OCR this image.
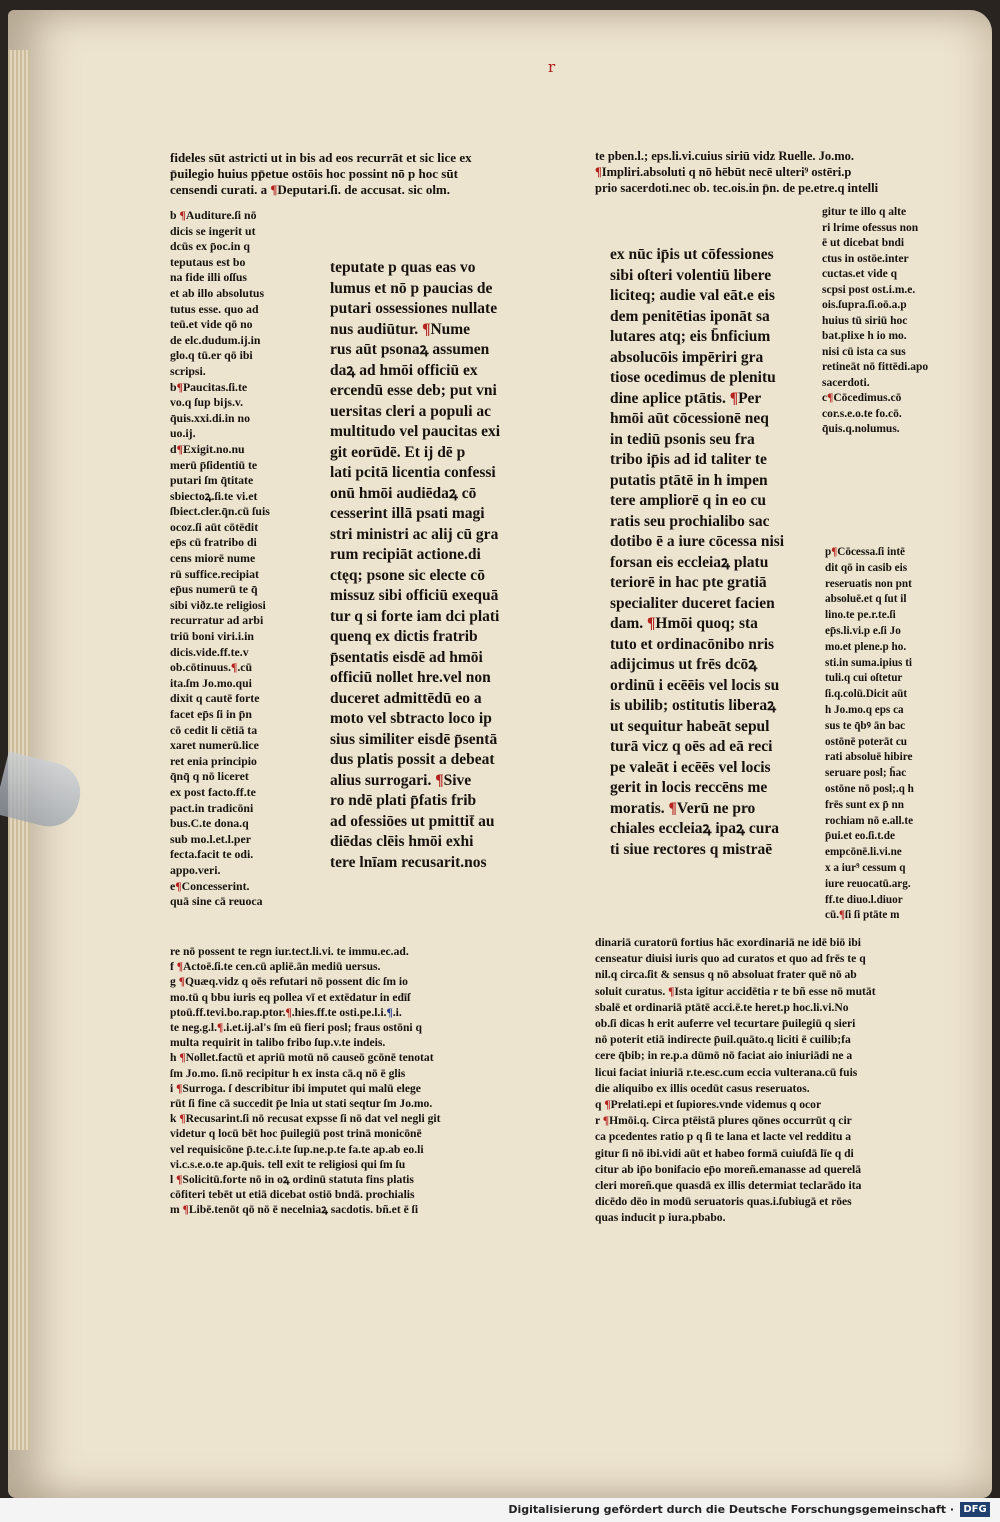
r
fideles sūt astricti ut in bis ad eos recurrāt et sic lice ex
p̄uilegio huius pp̄etue ostōis hoc possint nō p hoc sūt
censendi curati. a ¶Deputari.ſi. de accusat. sic olm.
te pben.l.; eps.li.vi.cuius siriū vidz Ruelle. Jo.mo.
¶Impliri.absoluti q nō hēbūt necē ulteri⁹ ostēri.p
prio sacerdoti.nec ob. tec.ois.in p̄n. de pe.etre.q intelli
b ¶Auditure.ſi nō
dicis se ingerit ut
dcūs ex p̄oc.in q
teputaus est bo
na fide illi oſſus
et ab illo absolutus
tutus esse. quo ad
teū.et vide qō no
de elc.dudum.ij.in
glo.q tū.er qō ibi
scripsi.
b¶Paucitas.ſi.te
vo.q ſup bijs.v.
q̄uis.xxi.di.in no
uo.ij.
d¶Exigit.no.nu
merū p̄ſidentiū te
putari ſm q̄titate
sbiectoꝝ.ſi.te vi.et
ſbiect.cler.q̄n.cū ſuis
ocoz.ſi aūt cōtēdit
ep̄s cū fratribo di
cens miorē nume
rū suffice.recipiat
ep̄us numerū te q̄
sibi viðz.te religiosi
recurratur ad arbi
triū boni viri.i.in
dicis.vide.ff.te.v
ob.cōtinuus.¶.cū
ita.ſm Jo.mo.qui
dixit q cautē forte
facet ep̄s ſi in p̄n
cō cedit li cētiā ta
xaret numerū.lice
ret enia principio
q̄nq̄ q nō liceret
ex post facto.ff.te
pact.in tradicōni
bus.C.te dona.q
sub mo.l.et.l.per
fecta.facit te odi.
appo.veri.
e¶Concesserint.
quā sine cā reuoca
teputate p quas eas vo
lumus et nō p paucias de
putari ossessiones nullate
nus audiūtur. ¶Nume
rus aūt psonaꝝ assumen
daꝝ ad hmōi officiū ex
ercendū esse deb; put vni
uersitas cleri a populi ac
multitudo vel paucitas exi
git eorūdē. Et ij dē p
lati pcitā licentia confessi
onū hmōi audiēdaꝝ cō
cesserint illā psati magi
stri ministri ac alij cū gra
rum recipiāt actione.di
ctęq; psone sic electe cō
missuz sibi officiū exequā
tur q si forte iam dci plati
quenq ex dictis fratrib
p̄sentatis eisdē ad hmōi
officiū nollet hre.vel non
duceret admittēdū eo a
moto vel sbtracto loco ip
sius similiter eisdē p̄sentā
dus platis possit a debeat
alius surrogari. ¶Sive
ro ndē plati p̄fatis frib
ad ofessiōes ut pmittit̄ au
diēdas clēis hmōi exhi
tere lnīam recusarit.nos
ex nūc ip̄is ut cōfessiones
sibi oſteri volentiū libere
liciteq; audie val eāt.e eis
dem penitētias iponāt sa
lutares atq; eis b̄nficium
absolucōis impēriri gra
tiose ocedimus de plenitu
dine aplice ptātis. ¶Per
hmōi aūt cōcessionē neq
in tediū psonis seu fra
tribo ip̄is ad id taliter te
putatis ptātē in h impen
tere ampliorē q in eo cu
ratis seu prochialibo sac
dotibo ē a iure cōcessa nisi
forsan eis eccleiaꝝ platu
teriorē in hac pte gratiā
specialiter duceret facien
dam. ¶Hmōi quoq; sta
tuto et ordinacōnibo nris
adijcimus ut frēs dcōꝝ
ordinū i ecēēis vel locis su
is ubilib; ostitutis liberaꝝ
ut sequitur habeāt sepul
turā vicz q oēs ad eā reci
pe valeāt i ecēēs vel locis
gerit in locis reccēns me
moratis. ¶Verū ne pro
chiales eccleiaꝝ ipaꝝ cura
ti siue rectores q mistraē
gitur te illo q alte
ri lrime ofessus non
ē ut dicebat bndi
ctus in ostōe.inter
cuctas.et vide q
scpsi post ost.i.m.e.
ois.ſupra.ſi.oō.a.p
huius tū siriū hoc
bat.plixe h io mo.
nisi cū ista ca sus
retineāt nō fittēdi.apo
sacerdoti.
c¶Cōcedimus.cō
cor.s.e.o.te fo.cō.
q̄uis.q.nolumus.
p¶Cōcessa.ſi intē
dit qō in casib eis
reseruatis non pnt
absoluē.et q ſut il
lino.te pe.r.te.ſi
ep̄s.li.vi.p e.ſi Jo
mo.et plene.p ho.
sti.in suma.ipius ti
tuli.q cui oſtetur
ſi.q.colū.Dicit aūt
h Jo.mo.q eps ca
sus te q̄bꝰ ān bac
ostōnē poterāt cu
rati absoluē hibire
seruare posl; h̄ac
ostōne nō posl;.q h
frēs sunt ex p̄ nn
rochiam nō e.all.te
p̄ui.et eo.ſi.t.de
empcōnē.li.vi.ne
x a iur⁹ cessum q
iure reuocatū.arg.
ff.te diuo.l.diuor
cū.¶ſi ſi ptāte m
re nō possent te regn iur.tect.li.vi. te immu.ec.ad.
f ¶Actoē.ſi.te cen.cū apliē.ān mediū uersus.
g ¶Quæq.vidz q oēs refutari nō possent dic ſm io
mo.tū q bbu iuris eq pollea vī et extēdatur in edīſ
ptoū.ff.tevi.bo.rap.ptor.¶.hies.ff.te osti.pe.l.i.¶.i.
te neg.g.l.¶.i.et.ij.al's ſm eū fieri posl; fraus ostōni q
multa requirit in talibo fribo ſup.v.te indeis.
h ¶Nollet.factū et apriū motū nō causeō gcōnē tenotat
ſm Jo.mo. ſi.nō recipitur h ex insta cā.q nō ē glis
i ¶Surroga. ſ describitur ibi imputet qui malū elege
rūt ſi fine cā succedit p̄e lnia ut stati seqtur ſm Jo.mo.
k ¶Recusarint.ſi nō recusat expsse ſi nō dat vel negli git
videtur q locū bēt hoc p̄uilegiū post trinā monicōnē
vel requisicōne p̄.te.c.i.te ſup.ne.p.te fa.te ap.ab eo.li
vi.c.s.e.o.te ap.q̄uis. tell exit te religiosi qui ſm ſu
l ¶Solicitū.forte nō in oꝝ ordinū statuta fins platis
cōfiteri tebēt ut etiā dicebat ostiō bndā. prochialis
m ¶Libē.tenōt qō nō ē necelniaꝝ sacdotis. bñ.et ē ſi
dinariā curatorū fortius hāc exordinariā ne idē biō ibi
censeatur diuisi iuris quo ad curatos et quo ad frēs te q
nil.q circa.ſit & sensus q nō absoluat frater quē nō ab
soluit curatus. ¶Ista igitur accidētia r te bñ esse nō mutāt
sbalē et ordinariā ptātē acci.ē.te heret.p hoc.li.vi.No
ob.ſi dicas h erit auferre vel tecurtare p̄uilegiū q sieri
nō poterit etiā indirecte p̄uil.quāto.q liciti ē cuilib;fa
cere q̄bib; in re.p.a dūmō nō faciat aio iniuriādi ne a
licui faciat iniuriā r.te.esc.cum eccia vulterana.cū fuis
die aliquibo ex illis ocedūt casus reseruatos.
q ¶Prelati.epi et ſupiores.vnde videmus q ocor
r ¶Hmōi.q. Circa ptēistā plures qōnes occurrūt q cir
ca pcedentes ratio p q ſi te lana et lacte vel redditu a
gitur ſi nō ibi.vidi aūt et habeo formā cuiuſdā līe q di
citur ab ip̄o bonifacio ep̄o moreñ.emanasse ad querelā
cleri moreñ.que quasdā ex illis determiat teclarādo ita
dicēdo dēo in modū seruatoris quas.i.ſubiugā et rōes
quas inducit p iura.pbabo.
Digitalisierung gefördert durch die Deutsche Forschungsgemeinschaft · DFG
